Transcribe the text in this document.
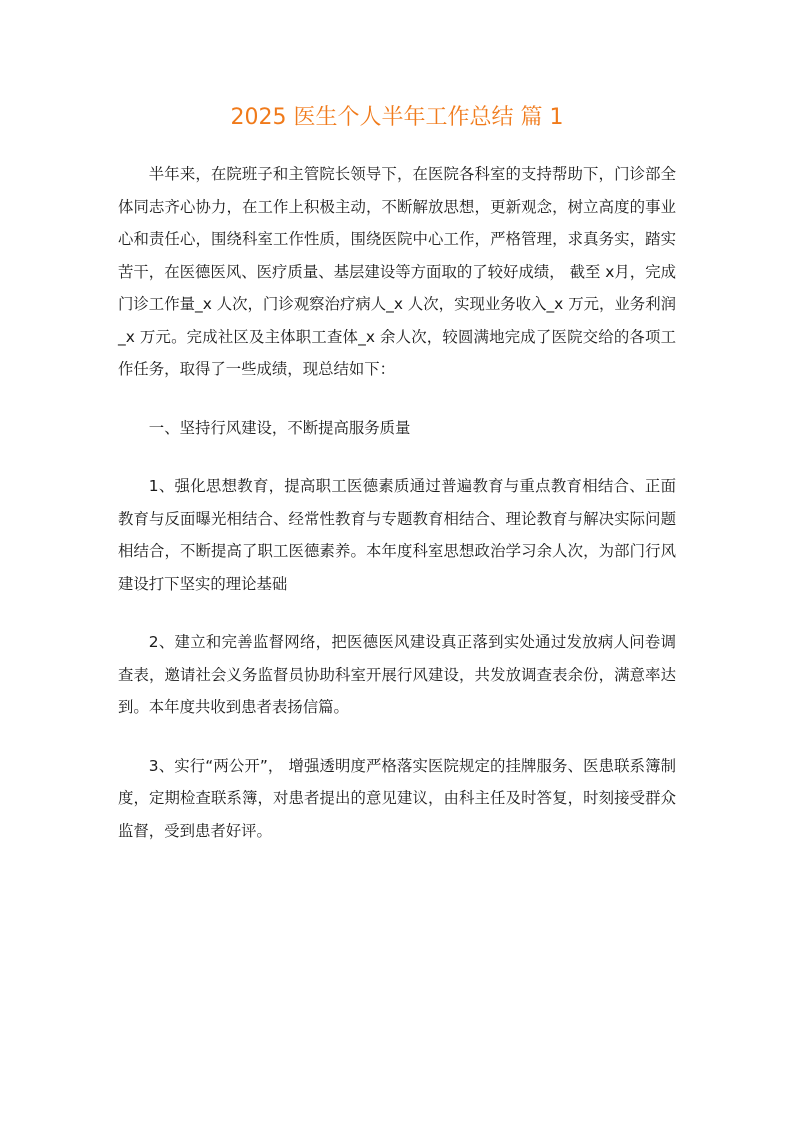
2025 医生个人半年工作总结 篇 1

半年来，在院班子和主管院长领导下，在医院各科室的支持帮助下，门诊部全体同志齐心协力，在工作上积极主动，不断解放思想，更新观念，树立高度的事业心和责任心，围绕科室工作性质，围绕医院中心工作，严格管理，求真务实，踏实苦干，在医德医风、医疗质量、基层建设等方面取的了较好成绩， 截至 x月，完成门诊工作量_x 人次，门诊观察治疗病人_x 人次，实现业务收入_x 万元，业务利润_x 万元。完成社区及主体职工查体_x 余人次，较圆满地完成了医院交给的各项工作任务，取得了一些成绩，现总结如下：

一、坚持行风建设，不断提高服务质量

1、强化思想教育，提高职工医德素质通过普遍教育与重点教育相结合、正面教育与反面曝光相结合、经常性教育与专题教育相结合、理论教育与解决实际问题相结合，不断提高了职工医德素养。本年度科室思想政治学习余人次，为部门行风建设打下坚实的理论基础

2、建立和完善监督网络，把医德医风建设真正落到实处通过发放病人问卷调查表，邀请社会义务监督员协助科室开展行风建设，共发放调查表余份，满意率达到。本年度共收到患者表扬信篇。

3、实行“两公开”， 增强透明度严格落实医院规定的挂牌服务、医患联系簿制度，定期检查联系簿，对患者提出的意见建议，由科主任及时答复，时刻接受群众监督，受到患者好评。
